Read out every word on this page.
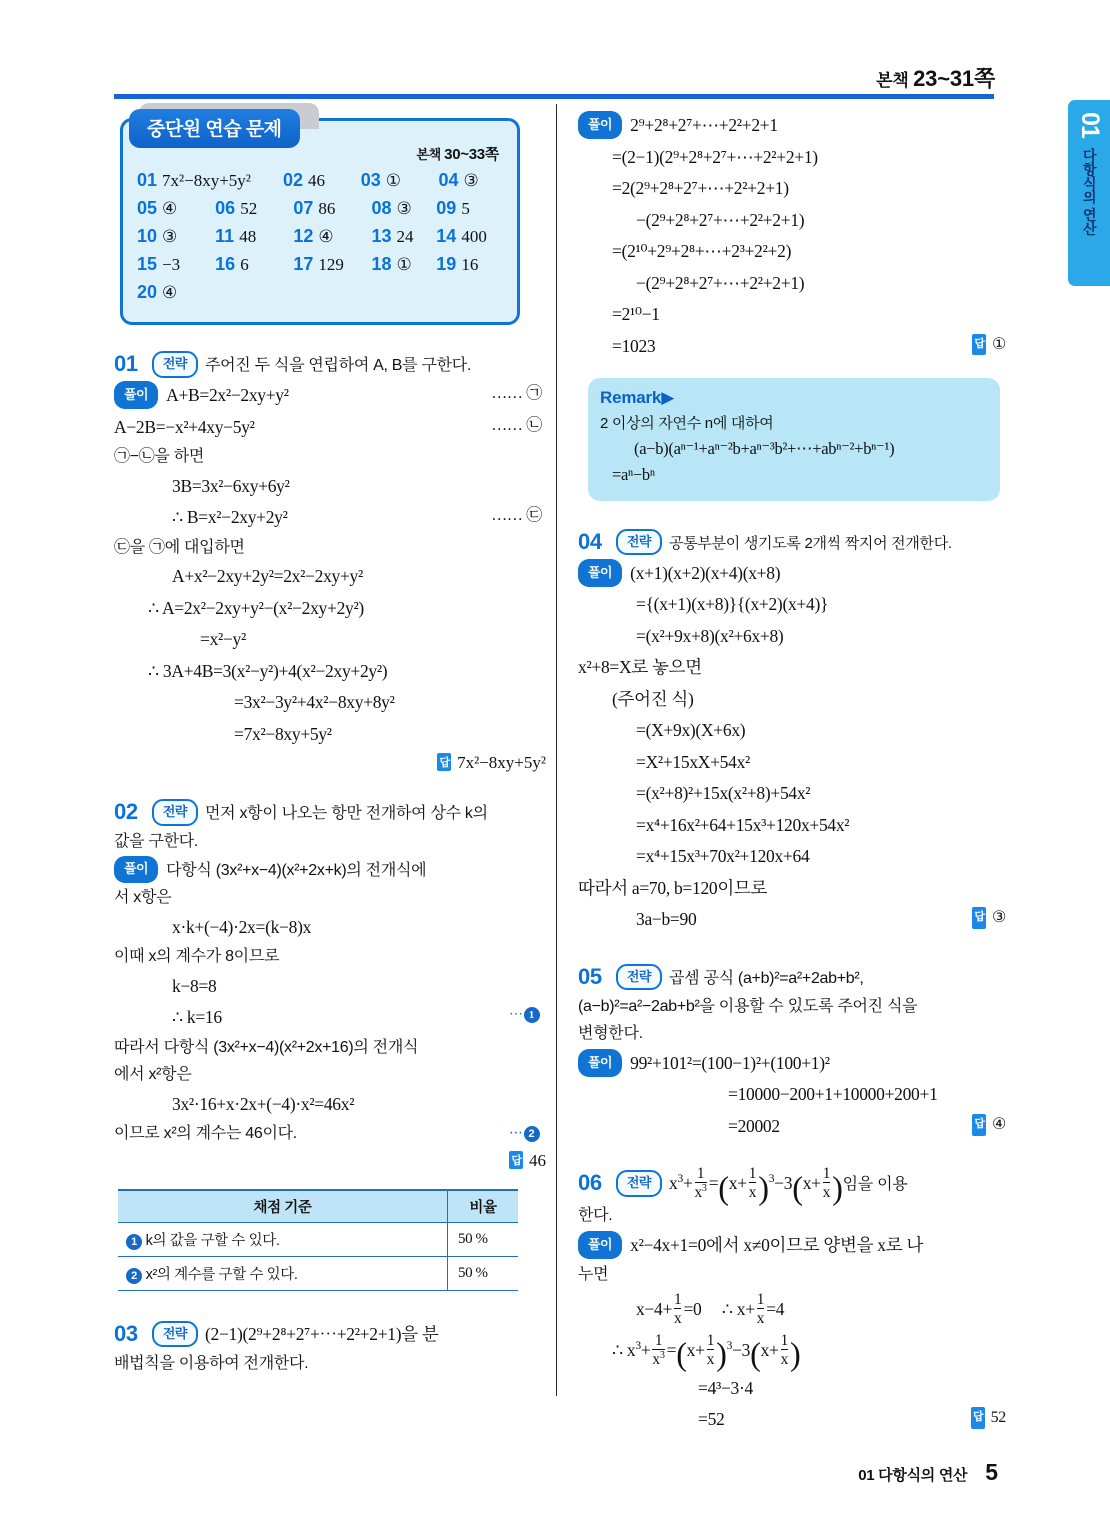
본책 23~31쪽
01 다항식의 연산
중단원 연습 문제
본책 30~33쪽
01 7x²−8xy+5y² 02 46 03 ① 04 ③
05 ④ 06 52 07 86 08 ③ 09 5
10 ③ 11 48 12 ④ 13 24 14 400
15 −3 16 6 17 129 18 ① 19 16
20 ④
01 전략 주어진 두 식을 연립하여 A, B를 구한다.
풀이 A+B=2x²−2xy+y²	…… ㉠
A−2B=−x²+4xy−5y²	…… ㉡
㉠−㉡을 하면
3B=3x²−6xy+6y²
∴ B=x²−2xy+2y²	…… ㉢
㉢을 ㉠에 대입하면
A+x²−2xy+2y²=2x²−2xy+y²
∴ A=2x²−2xy+y²−(x²−2xy+2y²)
=x²−y²
∴ 3A+4B=3(x²−y²)+4(x²−2xy+2y²)
=3x²−3y²+4x²−8xy+8y²
=7x²−8xy+5y²
답 7x²−8xy+5y²
02 전략 먼저 x항이 나오는 항만 전개하여 상수 k의
값을 구한다.
풀이 다항식 (3x²+x−4)(x²+2x+k)의 전개식에
서 x항은
x·k+(−4)·2x=(k−8)x
이때 x의 계수가 8이므로
k−8=8
∴ k=16	⋯ 1
따라서 다항식 (3x²+x−4)(x²+2x+16)의 전개식
에서 x²항은
3x²·16+x·2x+(−4)·x²=46x²
이므로 x²의 계수는 46이다.	⋯ 2
답 46
채점 기준	비율
1 k의 값을 구할 수 있다.	50 %
2 x²의 계수를 구할 수 있다.	50 %
03 전략 (2−1)(2⁹+2⁸+2⁷+⋯+2²+2+1)을 분
배법칙을 이용하여 전개한다.
풀이 2⁹+2⁸+2⁷+⋯+2²+2+1
=(2−1)(2⁹+2⁸+2⁷+⋯+2²+2+1)
=2(2⁹+2⁸+2⁷+⋯+2²+2+1)
−(2⁹+2⁸+2⁷+⋯+2²+2+1)
=(2¹⁰+2⁹+2⁸+⋯+2³+2²+2)
−(2⁹+2⁸+2⁷+⋯+2²+2+1)
=2¹⁰−1
=1023	답 ①
Remark▶
2 이상의 자연수 n에 대하여
(a−b)(aⁿ⁻¹+aⁿ⁻²b+aⁿ⁻³b²+⋯+abⁿ⁻²+bⁿ⁻¹)
=aⁿ−bⁿ
04 전략 공통부분이 생기도록 2개씩 짝지어 전개한다.
풀이 (x+1)(x+2)(x+4)(x+8)
={(x+1)(x+8)}{(x+2)(x+4)}
=(x²+9x+8)(x²+6x+8)
x²+8=X로 놓으면
(주어진 식)
=(X+9x)(X+6x)
=X²+15xX+54x²
=(x²+8)²+15x(x²+8)+54x²
=x⁴+16x²+64+15x³+120x+54x²
=x⁴+15x³+70x²+120x+64
따라서 a=70, b=120이므로
3a−b=90	답 ③
05 전략 곱셈 공식 (a+b)²=a²+2ab+b²,
(a−b)²=a²−2ab+b²을 이용할 수 있도록 주어진 식을
변형한다.
풀이 99²+101²=(100−1)²+(100+1)²
=10000−200+1+10000+200+1
=20002	답 ④
06 전략 $x^3+ \frac{1}{x^3} =(x+ \frac{1}{x} )^3-3(x+ \frac{1}{x}$ )임을 이용
한다.
풀이 x²−4x+1=0에서 x≠0이므로 양변을 x로 나
누면
$x-4+ \frac{1}{x} =0$     ∴ $x+ \frac{1}{x} =4$
∴ $x^3+ \frac{1}{x^3} =(x+ \frac{1}{x} )^3-3(x+ \frac{1}{x}$ )
=4³−3·4
=52	답 52
01 다항식의 연산 5
